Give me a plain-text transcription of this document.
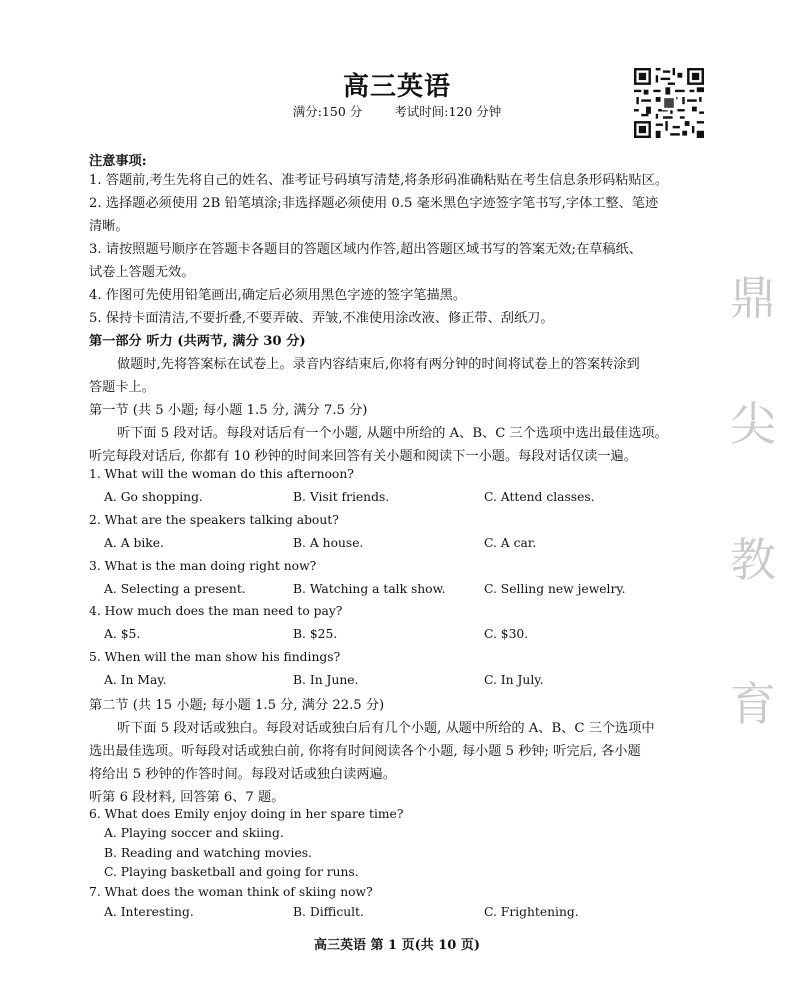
高三英语
满分:150 分	考试时间:120 分钟
鼎
尖
教
育
注意事项:
1. 答题前,考生先将自己的姓名、准考证号码填写清楚,将条形码准确粘贴在考生信息条形码粘贴区。
2. 选择题必须使用 2B 铅笔填涂;非选择题必须使用 0.5 毫米黑色字迹签字笔书写,字体工整、笔迹
清晰。
3. 请按照题号顺序在答题卡各题目的答题区域内作答,超出答题区域书写的答案无效;在草稿纸、
试卷上答题无效。
4. 作图可先使用铅笔画出,确定后必须用黑色字迹的签字笔描黑。
5. 保持卡面清洁,不要折叠,不要弄破、弄皱,不准使用涂改液、修正带、刮纸刀。
第一部分 听力 (共两节, 满分 30 分)
做题时,先将答案标在试卷上。录音内容结束后,你将有两分钟的时间将试卷上的答案转涂到
答题卡上。
第一节 (共 5 小题; 每小题 1.5 分, 满分 7.5 分)
听下面 5 段对话。每段对话后有一个小题, 从题中所给的 A、B、C 三个选项中选出最佳选项。
听完每段对话后, 你都有 10 秒钟的时间来回答有关小题和阅读下一小题。每段对话仅读一遍。
1. What will the woman do this afternoon?
A. Go shopping.	B. Visit friends.	C. Attend classes.
2. What are the speakers talking about?
A. A bike.	B. A house.	C. A car.
3. What is the man doing right now?
A. Selecting a present.	B. Watching a talk show.	C. Selling new jewelry.
4. How much does the man need to pay?
A. $5.	B. $25.	C. $30.
5. When will the man show his findings?
A. In May.	B. In June.	C. In July.
第二节 (共 15 小题; 每小题 1.5 分, 满分 22.5 分)
听下面 5 段对话或独白。每段对话或独白后有几个小题, 从题中所给的 A、B、C 三个选项中
选出最佳选项。听每段对话或独白前, 你将有时间阅读各个小题, 每小题 5 秒钟; 听完后, 各小题
将给出 5 秒钟的作答时间。每段对话或独白读两遍。
听第 6 段材料, 回答第 6、7 题。
6. What does Emily enjoy doing in her spare time?
A. Playing soccer and skiing.
B. Reading and watching movies.
C. Playing basketball and going for runs.
7. What does the woman think of skiing now?
A. Interesting.	B. Difficult.	C. Frightening.
高三英语 第 1 页(共 10 页)
